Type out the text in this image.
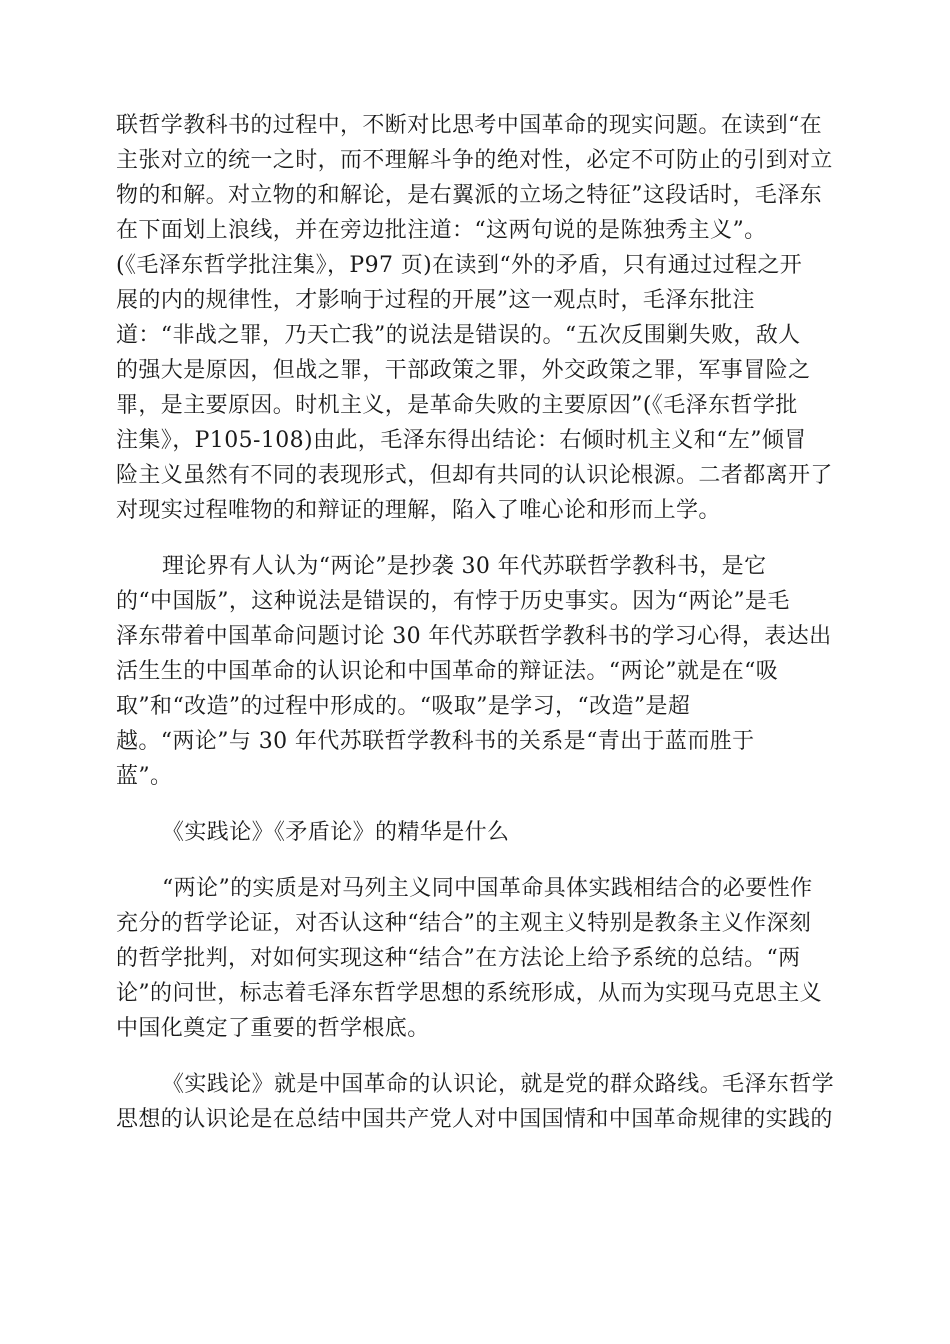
联哲学教科书的过程中，不断对比思考中国革命的现实问题。在读到“在
主张对立的统一之时，而不理解斗争的绝对性，必定不可防止的引到对立
物的和解。对立物的和解论，是右翼派的立场之特征”这段话时，毛泽东
在下面划上浪线，并在旁边批注道：“这两句说的是陈独秀主义”。
(《毛泽东哲学批注集》，P97 页)在读到“外的矛盾，只有通过过程之开
展的内的规律性，才影响于过程的开展”这一观点时，毛泽东批注
道：“非战之罪，乃天亡我”的说法是错误的。“五次反围剿失败，敌人
的强大是原因，但战之罪，干部政策之罪，外交政策之罪，军事冒险之
罪，是主要原因。时机主义，是革命失败的主要原因”(《毛泽东哲学批
注集》，P105-108)由此，毛泽东得出结论：右倾时机主义和“左”倾冒
险主义虽然有不同的表现形式，但却有共同的认识论根源。二者都离开了
对现实过程唯物的和辩证的理解，陷入了唯心论和形而上学。
理论界有人认为“两论”是抄袭 30 年代苏联哲学教科书，是它
的“中国版”，这种说法是错误的，有悖于历史事实。因为“两论”是毛
泽东带着中国革命问题讨论 30 年代苏联哲学教科书的学习心得，表达出
活生生的中国革命的认识论和中国革命的辩证法。“两论”就是在“吸
取”和“改造”的过程中形成的。“吸取”是学习，“改造”是超
越。“两论”与 30 年代苏联哲学教科书的关系是“青出于蓝而胜于
蓝”。
《实践论》《矛盾论》的精华是什么
“两论”的实质是对马列主义同中国革命具体实践相结合的必要性作
充分的哲学论证，对否认这种“结合”的主观主义特别是教条主义作深刻
的哲学批判，对如何实现这种“结合”在方法论上给予系统的总结。“两
论”的问世，标志着毛泽东哲学思想的系统形成，从而为实现马克思主义
中国化奠定了重要的哲学根底。
《实践论》就是中国革命的认识论，就是党的群众路线。毛泽东哲学
思想的认识论是在总结中国共产党人对中国国情和中国革命规律的实践的
